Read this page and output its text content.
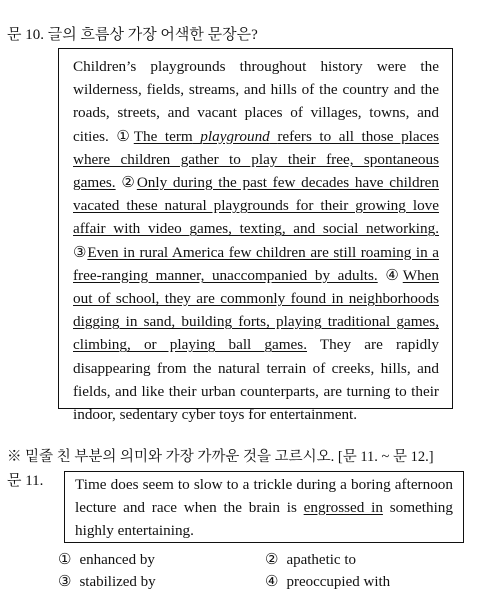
문 10. 글의 흐름상 가장 어색한 문장은?
Children’s playgrounds throughout history were the wilderness, fields, streams, and hills of the country and the roads, streets, and vacant places of villages, towns, and cities. ①The term playground refers to all those places where children gather to play their free, spontaneous games. ②Only during the past few decades have children vacated these natural playgrounds for their growing love affair with video games, texting, and social networking. ③Even in rural America few children are still roaming in a free-ranging manner, unaccompanied by adults. ④When out of school, they are commonly found in neighborhoods digging in sand, building forts, playing traditional games, climbing, or playing ball games. They are rapidly disappearing from the natural terrain of creeks, hills, and fields, and like their urban counterparts, are turning to their indoor, sedentary cyber toys for entertainment.
※ 밑줄 친 부분의 의미와 가장 가까운 것을 고르시오. [문 11. ~ 문 12.]
문 11. Time does seem to slow to a trickle during a boring afternoon lecture and race when the brain is engrossed in something highly entertaining.
① enhanced by	② apathetic to
③ stabilized by	④ preoccupied with
